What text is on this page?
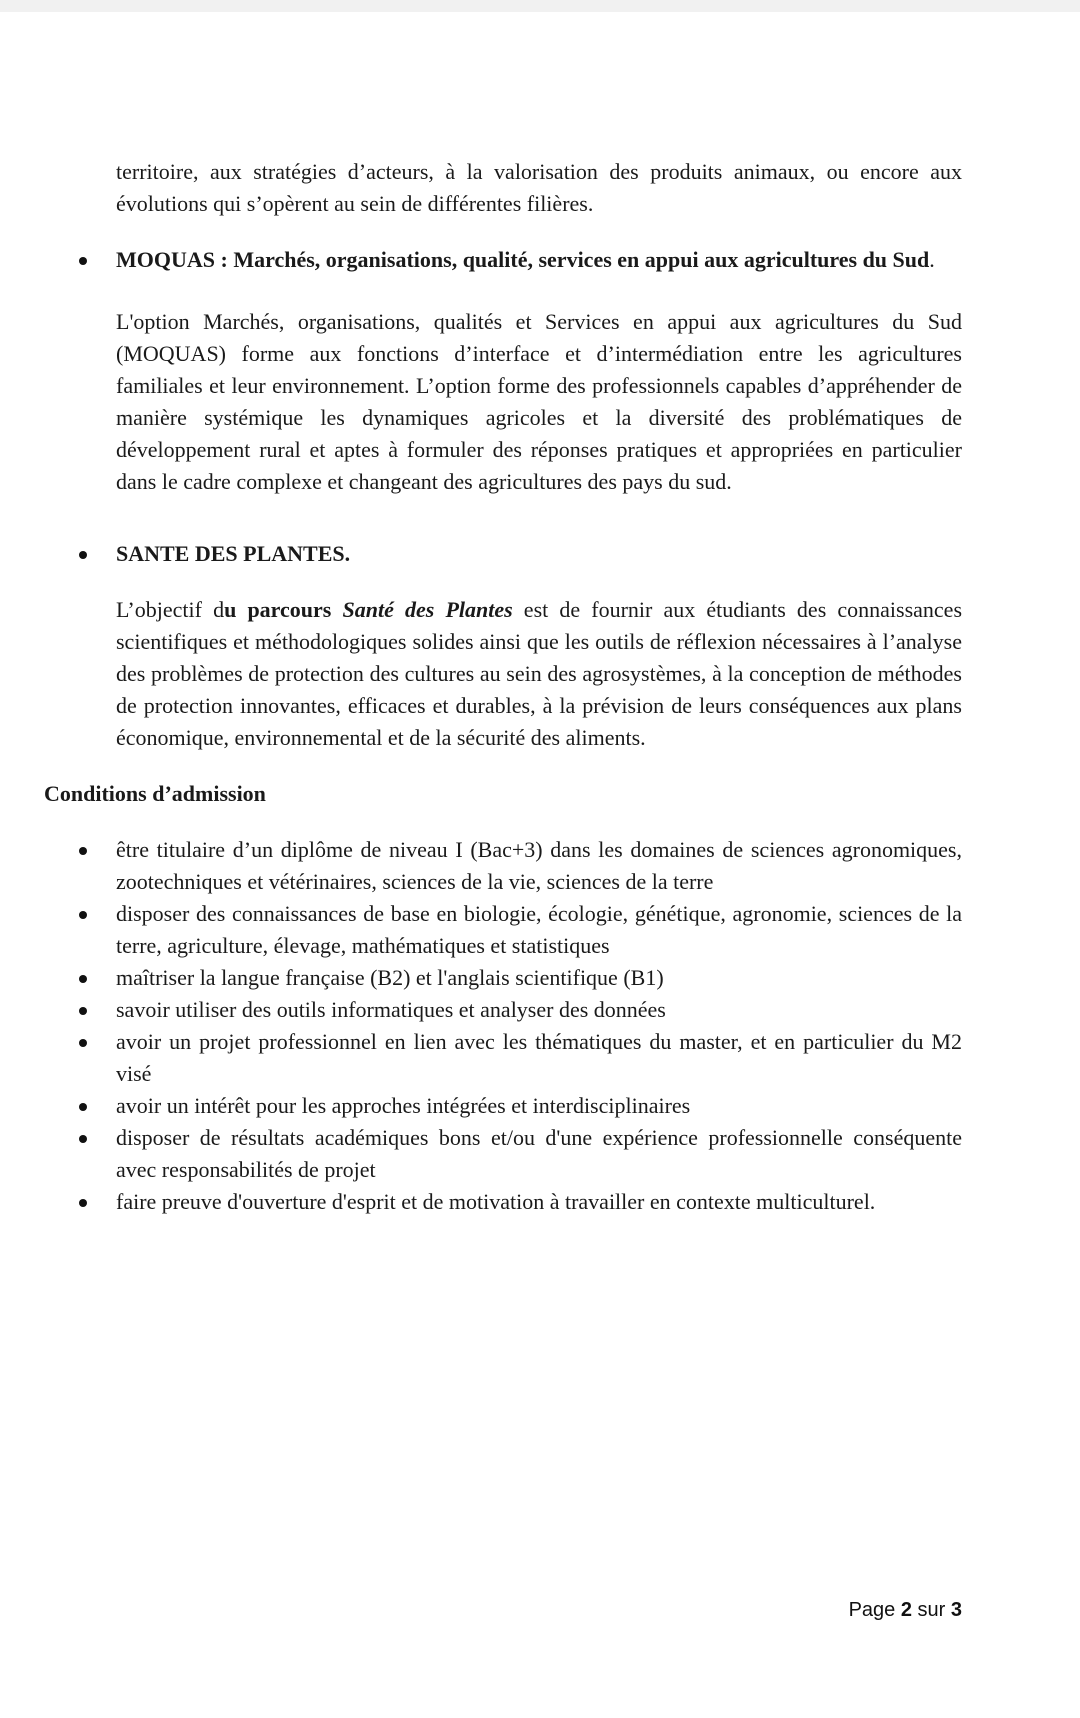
territoire, aux stratégies d’acteurs, à la valorisation des produits animaux, ou encore aux évolutions qui s’opèrent au sein de différentes filières.

MOQUAS : Marchés, organisations, qualité, services en appui aux agricultures du Sud.

L'option Marchés, organisations, qualités et Services en appui aux agricultures du Sud (MOQUAS) forme aux fonctions d’interface et d’intermédiation entre les agricultures familiales et leur environnement. L’option forme des professionnels capables d’appréhender de manière systémique les dynamiques agricoles et la diversité des problématiques de développement rural et aptes à formuler des réponses pratiques et appropriées en particulier dans le cadre complexe et changeant des agricultures des pays du sud.

SANTE DES PLANTES.

L’objectif du parcours Santé des Plantes est de fournir aux étudiants des connaissances scientifiques et méthodologiques solides ainsi que les outils de réflexion nécessaires à l’analyse des problèmes de protection des cultures au sein des agrosystèmes, à la conception de méthodes de protection innovantes, efficaces et durables, à la prévision de leurs conséquences aux plans économique, environnemental et de la sécurité des aliments.

Conditions d’admission

être titulaire d’un diplôme de niveau I (Bac+3) dans les domaines de sciences agronomiques, zootechniques et vétérinaires, sciences de la vie, sciences de la terre
disposer des connaissances de base en biologie, écologie, génétique, agronomie, sciences de la terre, agriculture, élevage, mathématiques et statistiques
maîtriser la langue française (B2) et l'anglais scientifique (B1)
savoir utiliser des outils informatiques et analyser des données
avoir un projet professionnel en lien avec les thématiques du master, et en particulier du M2 visé
avoir un intérêt pour les approches intégrées et interdisciplinaires
disposer de résultats académiques bons et/ou d'une expérience professionnelle conséquente avec responsabilités de projet
faire preuve d'ouverture d'esprit et de motivation à travailler en contexte multiculturel.
Page 2 sur 3
